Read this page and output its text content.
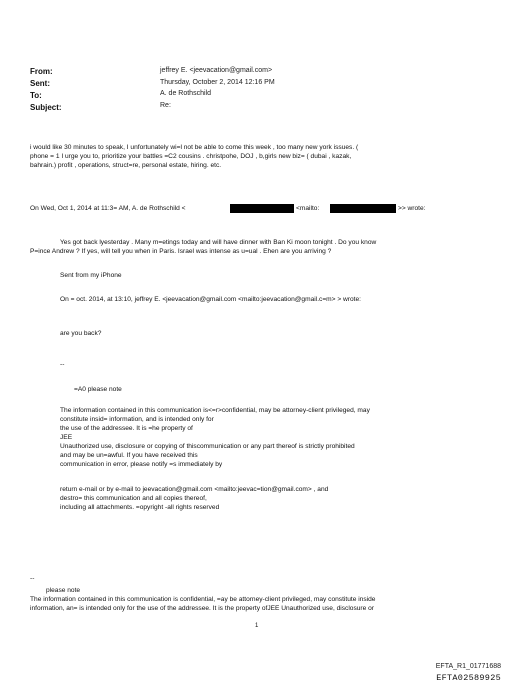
From:	jeffrey E. <jeevacation@gmail.com>
Sent:	Thursday, October 2, 2014 12:16 PM
To:	A. de Rothschild
Subject:	Re:
i would like 30 minutes to speak, I unfortunately wi=l not be able to come this week , too many new york issues. (
phone = 1 I urge you to, prioritize your battles =C2 cousins . christpohe, DOJ , b,girls new biz= ( dubai , kazak,
bahrain.) profit , operations, struct=re, personal estate, hiring. etc.
On Wed, Oct 1, 2014 at 11:3= AM, A. de Rothschild <	<mailto:	>> wrote:
Yes got back lyesterday . Many m=etings today and will have dinner with Ban Ki moon tonight . Do you know
P=ince Andrew ? If yes, will tell you when in Paris. Israel was intense as u=ual . Ehen are you arriving ?
Sent from my iPhone
On = oct. 2014, at 13:10, jeffrey E. <jeevacation@gmail.com <mailto:jeevacation@gmail.c=m> > wrote:
are you back?
--
=A0 please note
The information contained in this communication is<=r>confidential, may be attorney-client privileged, may
constitute insid= information, and is intended only for
the use of the addressee. It is =he property of
JEE
Unauthorized use, disclosure or copying of thiscommunication or any part thereof is strictly prohibited
and may be un=awful. If you have received this
communication in error, please notify =s immediately by
return e-mail or by e-mail to jeevacation@gmail.com <mailto:jeevac=tion@gmail.com> , and
destro= this communication and all copies thereof,
including all attachments. =opyright -all rights reserved
--
please note
The information contained in this communication is confidential, =ay be attorney-client privileged, may constitute inside
information, an= is intended only for the use of the addressee. It is the property ofJEE Unauthorized use, disclosure or
1
EFTA_R1_01771688
EFTA02589925
